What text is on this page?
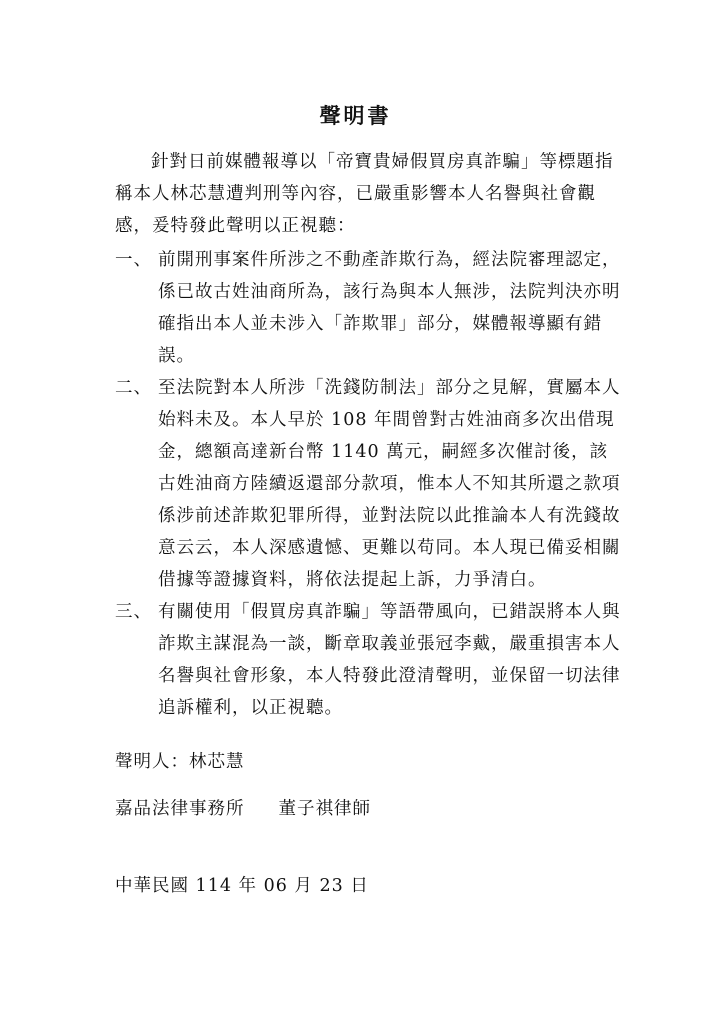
聲明書

針對日前媒體報導以「帝寶貴婦假買房真詐騙」等標題指稱本人林芯慧遭判刑等內容，已嚴重影響本人名譽與社會觀感，爰特發此聲明以正視聽：

一、 前開刑事案件所涉之不動產詐欺行為，經法院審理認定，係已故古姓油商所為，該行為與本人無涉，法院判決亦明確指出本人並未涉入「詐欺罪」部分，媒體報導顯有錯誤。
二、 至法院對本人所涉「洗錢防制法」部分之見解，實屬本人始料未及。本人早於 108 年間曾對古姓油商多次出借現金，總額高達新台幣 1140 萬元，嗣經多次催討後，該古姓油商方陸續返還部分款項，惟本人不知其所還之款項係涉前述詐欺犯罪所得，並對法院以此推論本人有洗錢故意云云，本人深感遺憾、更難以苟同。本人現已備妥相關借據等證據資料，將依法提起上訴，力爭清白。
三、 有關使用「假買房真詐騙」等語帶風向，已錯誤將本人與詐欺主謀混為一談，斷章取義並張冠李戴，嚴重損害本人名譽與社會形象，本人特發此澄清聲明，並保留一切法律追訴權利，以正視聽。
聲明人：林芯慧
嘉品法律事務所 董子祺律師
中華民國 114 年 06 月 23 日
